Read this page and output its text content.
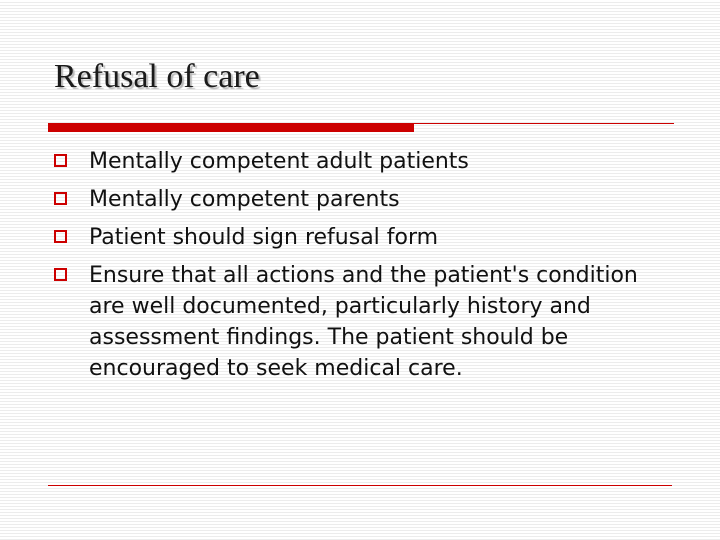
Refusal of care
Mentally competent adult patients
Mentally competent parents
Patient should sign refusal form
Ensure that all actions and the patient's condition are well documented, particularly history and assessment findings. The patient should be encouraged to seek medical care.
